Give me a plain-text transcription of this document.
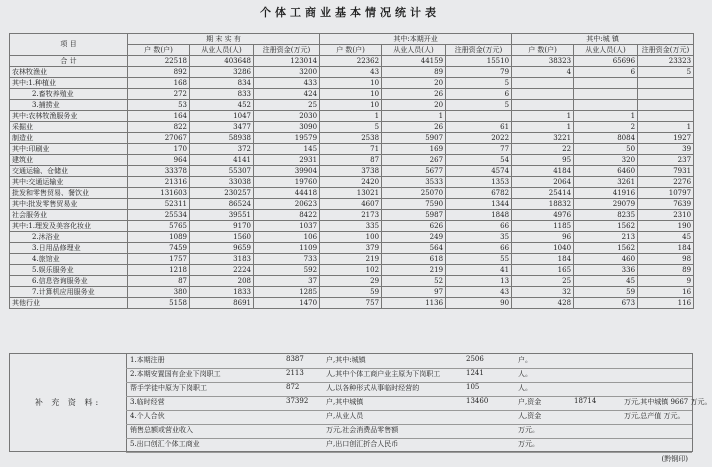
个体工商业基本情况统计表
项 目	期 末 实 有			其中:本期开业			其中:城 镇		
	户 数(户)	从业人员(人)	注册资金(万元)	户 数(户)	从业人员(人)	注册资金(万元)	户 数(户)	从业人员(人)	注册资金(万元)
合 计	22518	403648	123014	22362	44159	15510	38323	65696	23323
农林牧渔业	892	3286	3200	43	89	79	4	6	5
其中:1.种植业	168	834	433	10	20	5			
2.畜牧养殖业	272	833	424	10	26	6			
3.捕捞业	53	452	25	10	20	5			
其中:农林牧渔服务业	164	1047	2030	1	1		1	1	
采掘业	822	3477	3090	5	26	61	1	2	1
制造业	27067	58938	19579	2538	5907	2022	3221	8084	1927
其中:印刷业	170	372	145	71	169	77	22	50	39
建筑业	964	4141	2931	87	267	54	95	320	237
交通运输、仓储业	33378	55307	39904	3738	5677	4574	4184	6460	7931
其中:交通运输业	21316	33038	19760	2420	3533	1353	2064	3261	2276
批发和零售贸易、餐饮业	131603	230257	44418	13021	25070	6782	25414	41916	10797
其中:批发零售贸易业	52311	86524	20623	4607	7590	1344	18832	29079	7639
社会服务业	25534	39551	8422	2173	5987	1848	4976	8235	2310
其中:1.理发及美容化妆业	5765	9170	1037	335	626	66	1185	1562	190
2.沐浴业	1089	1560	106	100	249	35	96	213	45
3.日用品修理业	7459	9659	1109	379	564	66	1040	1562	184
4.旅馆业	1757	3183	733	219	618	55	184	460	98
5.娱乐服务业	1218	2224	592	102	219	41	165	336	89
6.信息咨询服务业	87	208	37	29	52	13	25	45	9
7.计算机应用服务业	380	1833	1285	59	97	43	32	59	16
其他行业	5158	8691	1470	757	1136	90	428	673	116
补 充 资 料:
1.本期注册	8387	户,其中:城镇	2506	户。
2.本期安置国有企业下岗职工	2113	人,其中个体工商户业主原为下岗职工	1241	人。
帮手学徒中原为下岗职工	872	人,以各种形式从事临时经营的	105	人。
3.临时经营	37392	户,其中城镇	13460	户,资金	18714	万元,其中城镇 9667 万元。
4.个人合伙	户,从业人员	人,资金	万元,总产值 万元。
销售总额或营业收入	万元,社会消费品零售额	万元。
5.出口创汇个体工商业	户,出口创汇折合人民币	万元。
(黔钢印)
